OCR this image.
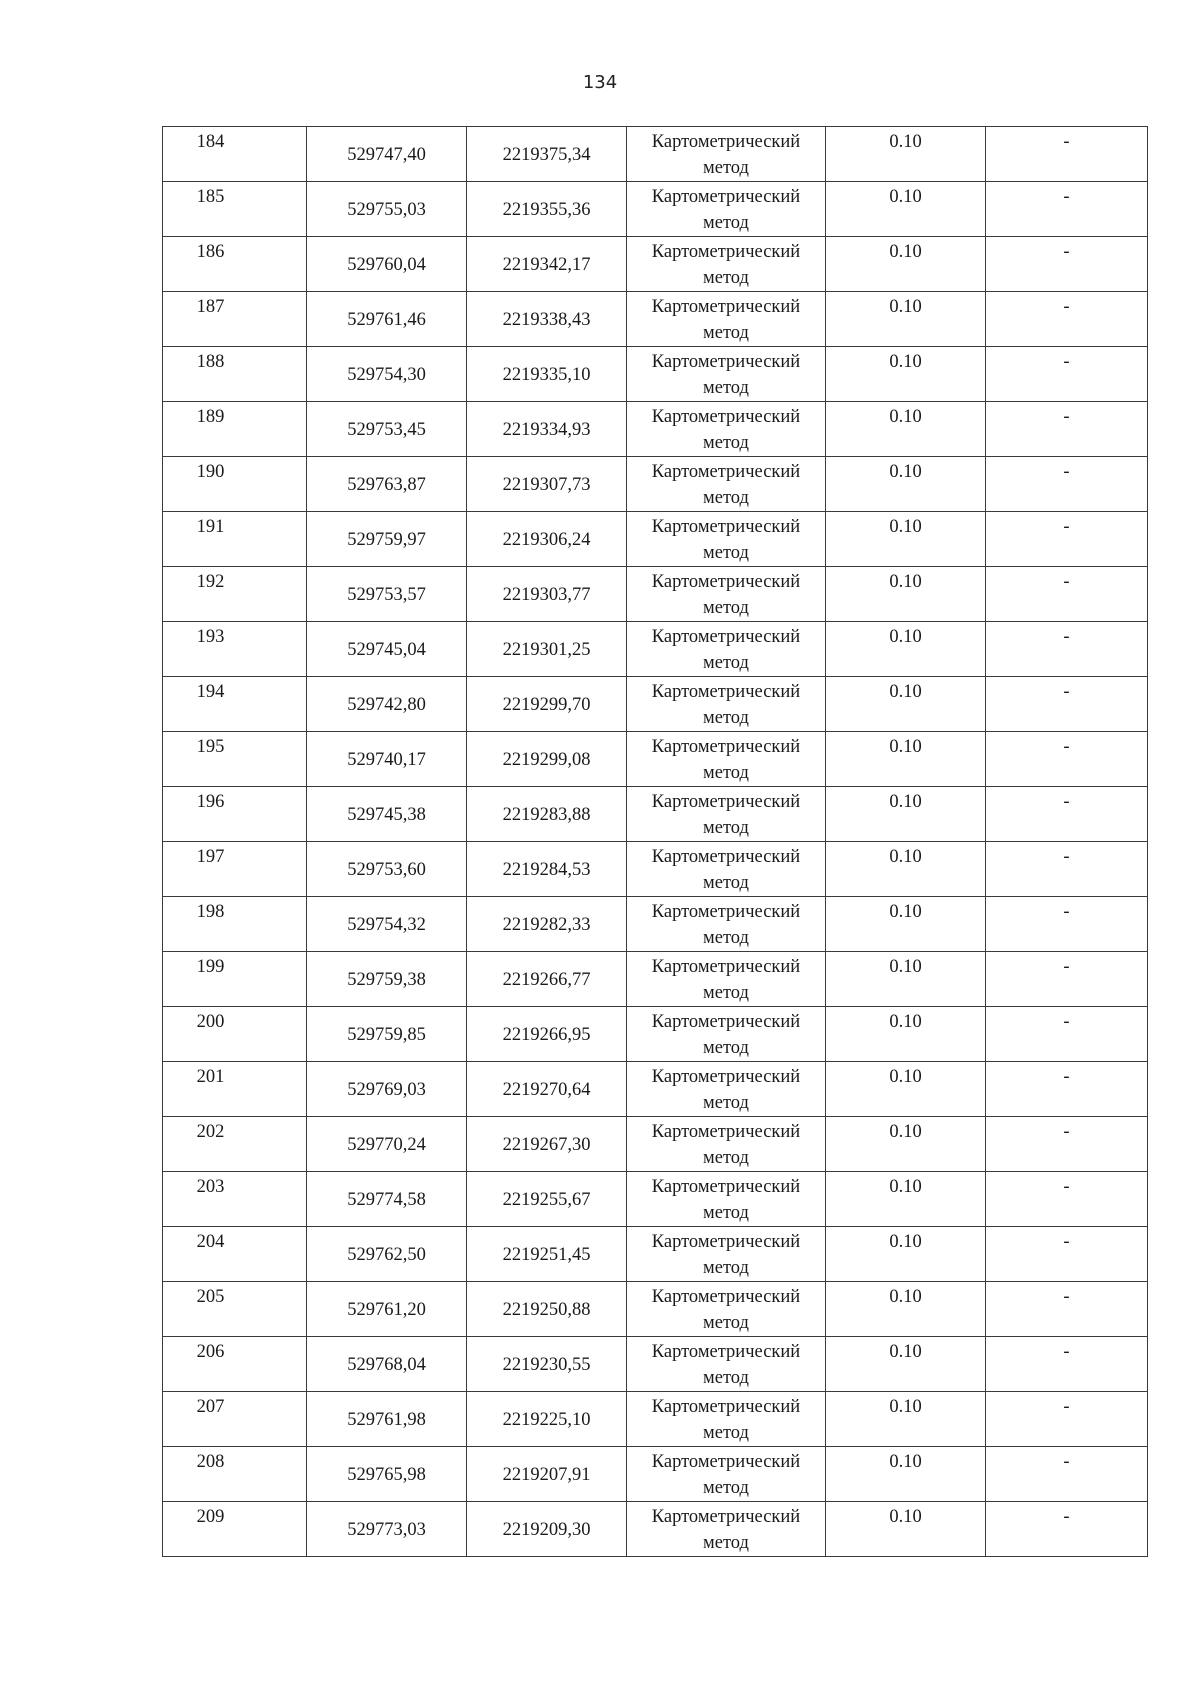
134
184	529747,40	2219375,34	Картометрический метод	0.10	-

185	529755,03	2219355,36	Картометрический метод	0.10	-

186	529760,04	2219342,17	Картометрический метод	0.10	-

187	529761,46	2219338,43	Картометрический метод	0.10	-

188	529754,30	2219335,10	Картометрический метод	0.10	-

189	529753,45	2219334,93	Картометрический метод	0.10	-

190	529763,87	2219307,73	Картометрический метод	0.10	-

191	529759,97	2219306,24	Картометрический метод	0.10	-

192	529753,57	2219303,77	Картометрический метод	0.10	-

193	529745,04	2219301,25	Картометрический метод	0.10	-

194	529742,80	2219299,70	Картометрический метод	0.10	-

195	529740,17	2219299,08	Картометрический метод	0.10	-

196	529745,38	2219283,88	Картометрический метод	0.10	-

197	529753,60	2219284,53	Картометрический метод	0.10	-

198	529754,32	2219282,33	Картометрический метод	0.10	-

199	529759,38	2219266,77	Картометрический метод	0.10	-

200	529759,85	2219266,95	Картометрический метод	0.10	-

201	529769,03	2219270,64	Картометрический метод	0.10	-

202	529770,24	2219267,30	Картометрический метод	0.10	-

203	529774,58	2219255,67	Картометрический метод	0.10	-

204	529762,50	2219251,45	Картометрический метод	0.10	-

205	529761,20	2219250,88	Картометрический метод	0.10	-

206	529768,04	2219230,55	Картометрический метод	0.10	-

207	529761,98	2219225,10	Картометрический метод	0.10	-

208	529765,98	2219207,91	Картометрический метод	0.10	-

209	529773,03	2219209,30	Картометрический метод	0.10	-
